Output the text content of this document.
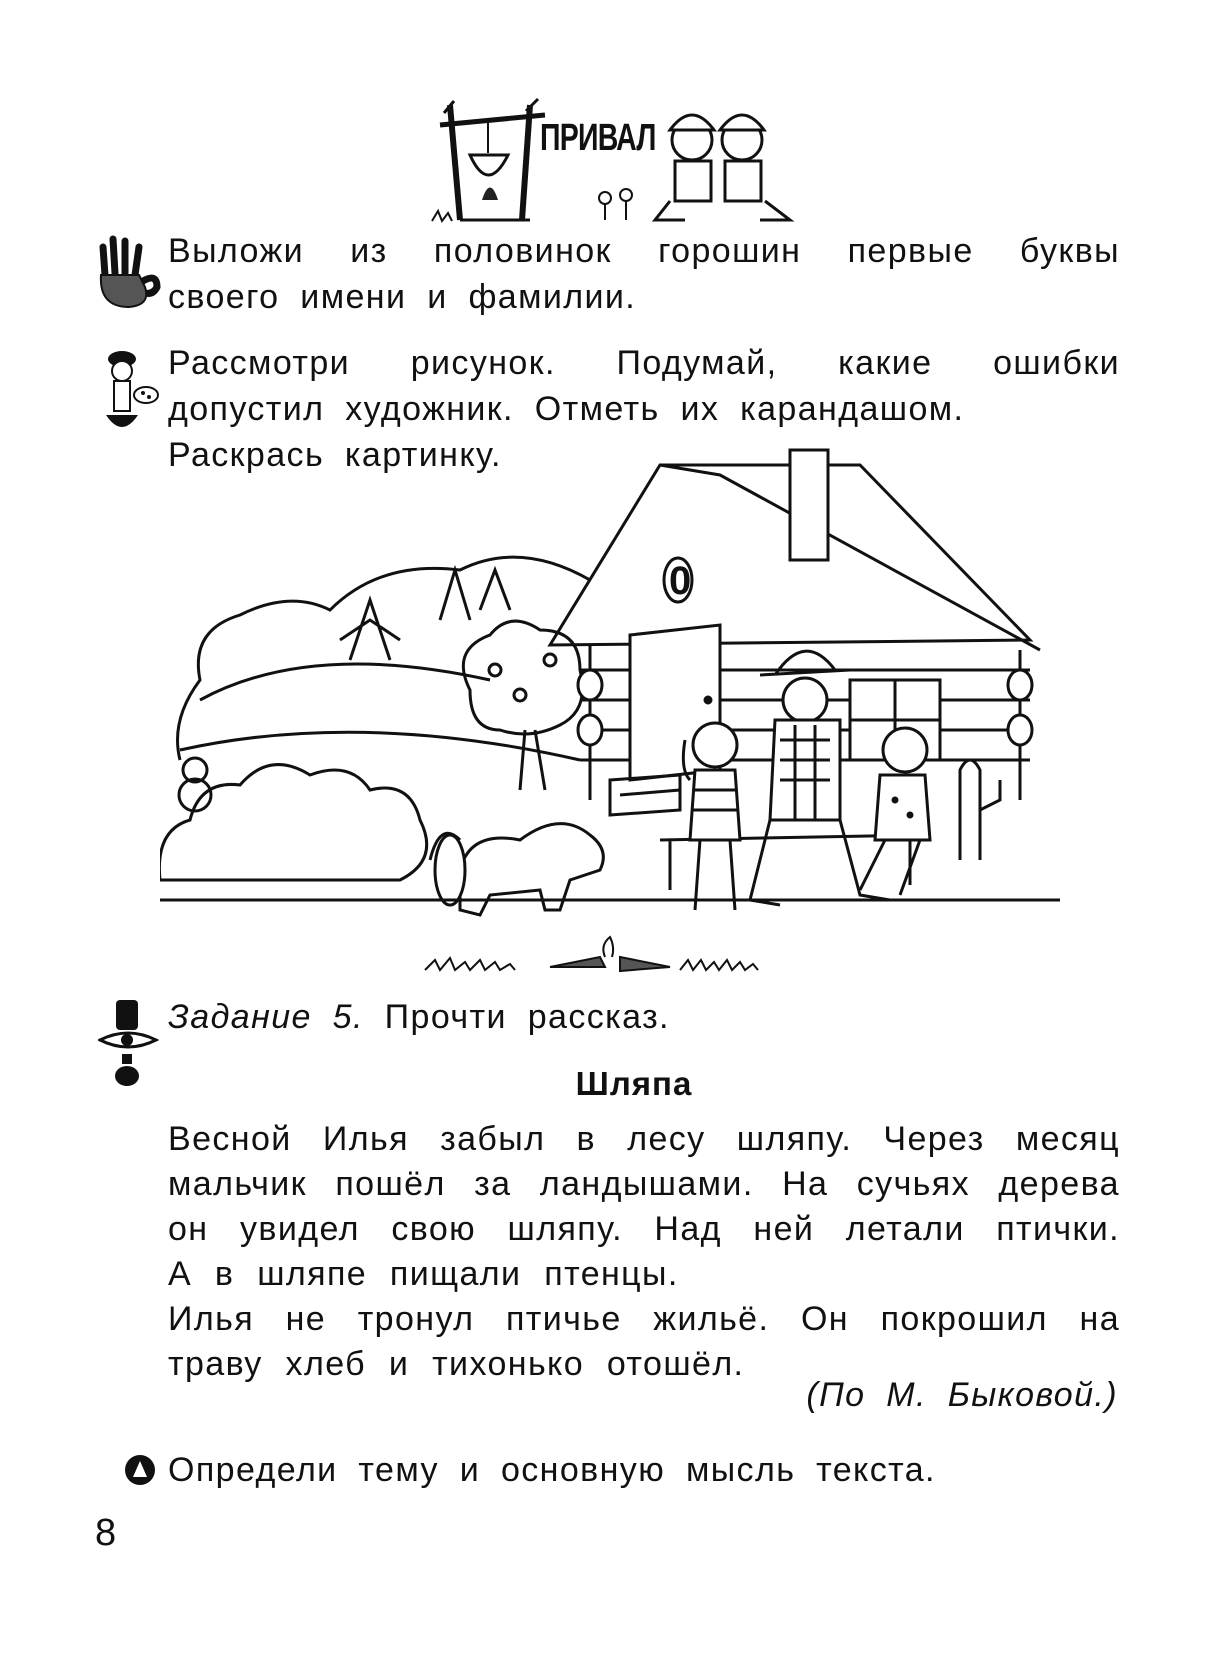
ПРИВАЛ
Выложи из половинок горошин первые буквы
своего имени и фамилии.
Рассмотри рисунок. Подумай, какие ошибки
допустил художник. Отметь их карандашом.
Раскрась картинку.
0
Задание 5. Прочти рассказ.
Шляпа

Весной Илья забыл в лесу шляпу. Через месяц
мальчик пошёл за ландышами. На сучьях дерева
он увидел свою шляпу. Над ней летали птички.
А в шляпе пищали птенцы.

Илья не тронул птичье жильё. Он покрошил на
траву хлеб и тихонько отошёл.

(По М. Быковой.)
Определи тему и основную мысль текста.
8
